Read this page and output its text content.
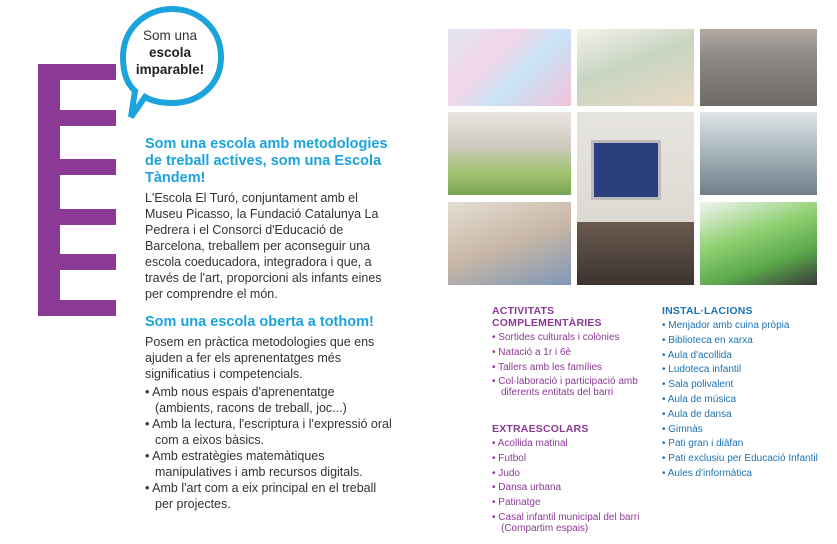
Som una
escola
imparable!
Som una escola amb metodologies de treball actives, som una Escola Tàndem!
L'Escola El Turó, conjuntament amb el Museu Picasso, la Fundació Catalunya La Pedrera i el Consorci d'Educació de Barcelona, treballem per aconseguir una escola coeducadora, integradora i que, a través de l'art, proporcioni als infants eines per comprendre el món.
Som una escola oberta a tothom!
Posem en pràctica metodologies que ens ajuden a fer els aprenentatges més significatius i competencials.
• Amb nous espais d'aprenentatge (ambients, racons de treball, joc...)
• Amb la lectura, l'escriptura i l'expressió oral com a eixos bàsics.
• Amb estratègies matemàtiques manipulatives i amb recursos digitals.
• Amb l'art com a eix principal en el treball per projectes.
ACTIVITATS COMPLEMENTÀRIES
• Sortides culturals i colònies
• Natació a 1r i 6è
• Tallers amb les famílies
• Col·laboració i participació amb diferents entitats del barri
EXTRAESCOLARS
• Acollida matinal
• Futbol
• Judo
• Dansa urbana
• Patinatge
• Casal infantil municipal del barri (Compartim espais)
INSTAL·LACIONS
• Menjador amb cuina pròpia
• Biblioteca en xarxa
• Aula d'acollida
• Ludoteca infantil
• Sala polivalent
• Aula de música
• Aula de dansa
• Gimnàs
• Pati gran i diàfan
• Pati exclusiu per Educació Infantil
• Aules d'informàtica
